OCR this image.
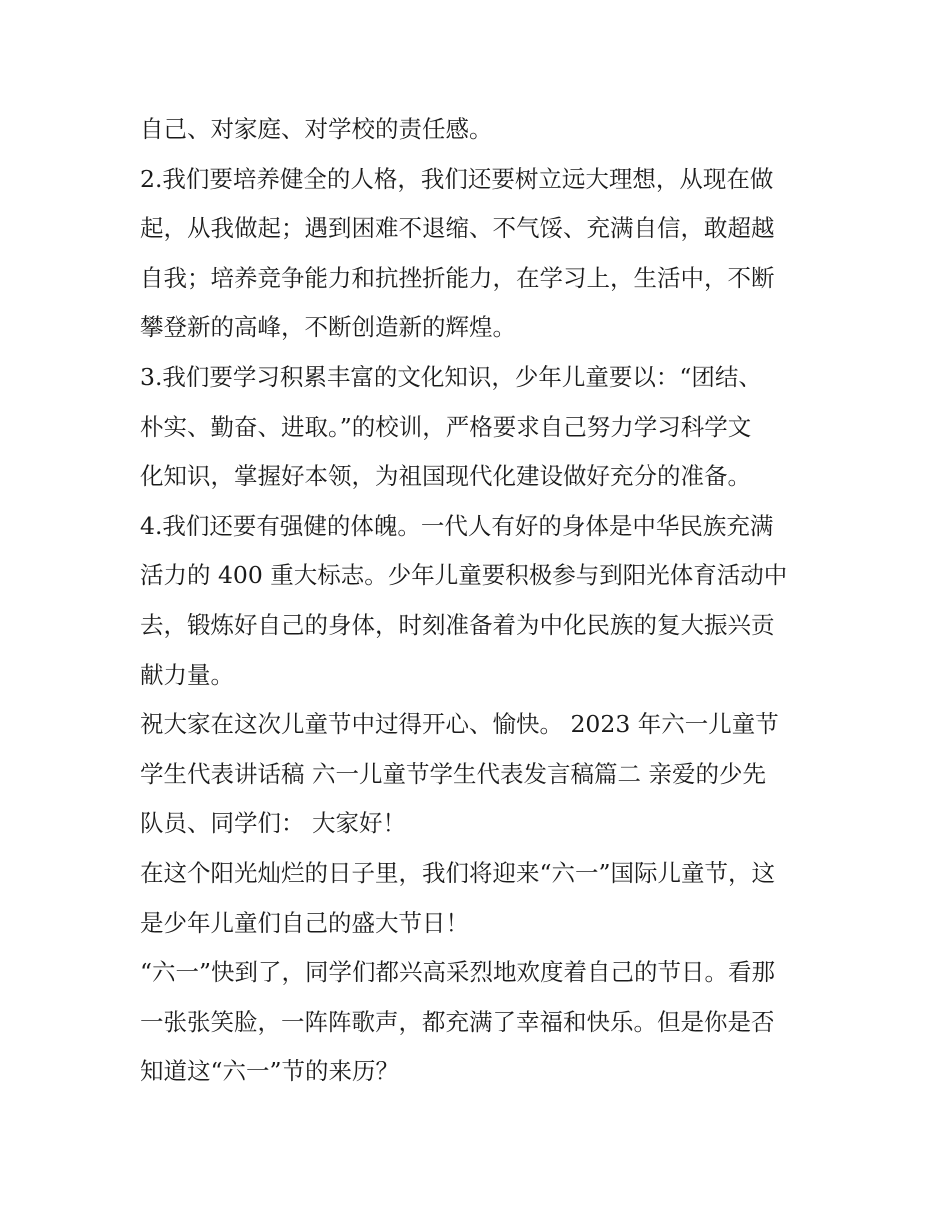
自己、对家庭、对学校的责任感。
2.我们要培养健全的人格，我们还要树立远大理想，从现在做
起，从我做起；遇到困难不退缩、不气馁、充满自信，敢超越
自我；培养竞争能力和抗挫折能力，在学习上，生活中，不断
攀登新的高峰，不断创造新的辉煌。
3.我们要学习积累丰富的文化知识，少年儿童要以：“团结、
朴实、勤奋、进取。”的校训，严格要求自己努力学习科学文
化知识，掌握好本领，为祖国现代化建设做好充分的准备。
4.我们还要有强健的体魄。一代人有好的身体是中华民族充满
活力的 400 重大标志。少年儿童要积极参与到阳光体育活动中
去，锻炼好自己的身体，时刻准备着为中化民族的复大振兴贡
献力量。
祝大家在这次儿童节中过得开心、愉快。 2023 年六一儿童节
学生代表讲话稿 六一儿童节学生代表发言稿篇二 亲爱的少先
队员、同学们： 大家好！
在这个阳光灿烂的日子里，我们将迎来“六一”国际儿童节，这
是少年儿童们自己的盛大节日！
“六一”快到了，同学们都兴高采烈地欢度着自己的节日。看那
一张张笑脸，一阵阵歌声，都充满了幸福和快乐。但是你是否
知道这“六一”节的来历？
